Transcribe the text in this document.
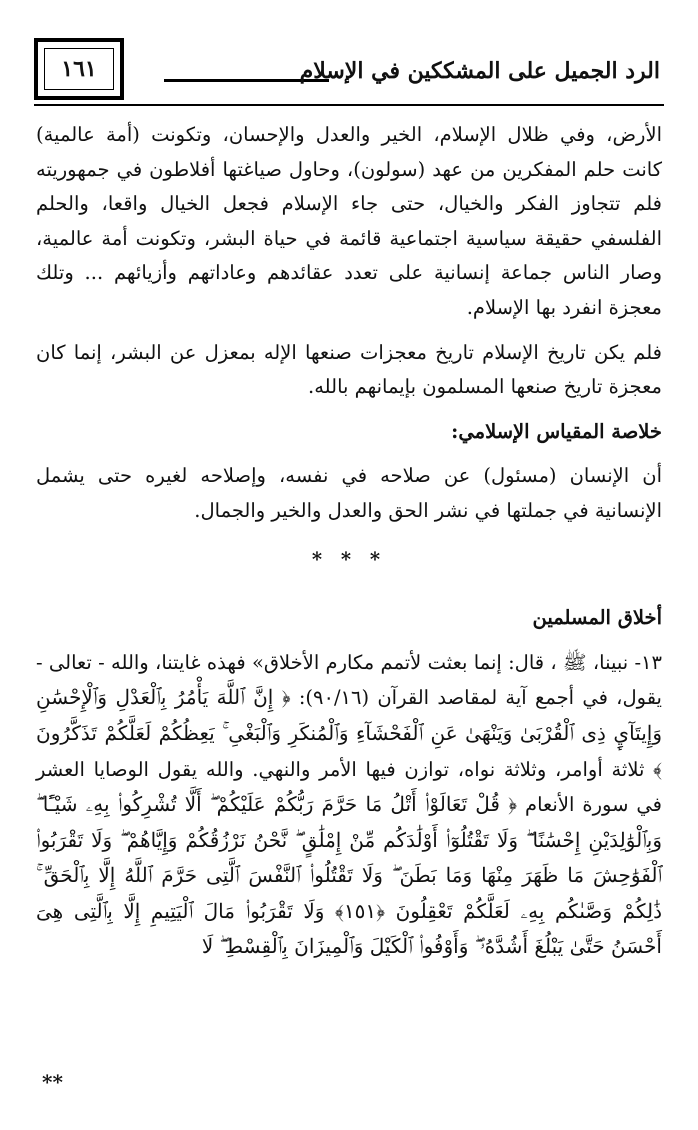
١٦١	الرد الجميل على المشككين في الإسلام

الأرض، وفي ظلال الإسلام، الخير والعدل والإحسان، وتكونت (أمة عالمية) كانت حلم المفكرين من عهد (سولون)، وحاول صياغتها أفلاطون في جمهوريته فلم تتجاوز الفكر والخيال، حتى جاء الإسلام فجعل الخيال واقعا، والحلم الفلسفي حقيقة سياسية اجتماعية قائمة في حياة البشر، وتكونت أمة عالمية، وصار الناس جماعة إنسانية على تعدد عقائدهم وعاداتهم وأزيائهم ... وتلك معجزة انفرد بها الإسلام.

فلم يكن تاريخ الإسلام تاريخ معجزات صنعها الإله بمعزل عن البشر، إنما كان معجزة تاريخ صنعها المسلمون بإيمانهم بالله.

خلاصة المقياس الإسلامي:

أن الإنسان (مسئول) عن صلاحه في نفسه، وإصلاحه لغيره حتى يشمل الإنسانية في جملتها في نشر الحق والعدل والخير والجمال.

* * *
أخلاق المسلمين

١٣- نبينا، ﷺ ، قال: إنما بعثت لأتمم مكارم الأخلاق» فهذه غايتنا، والله - تعالى - يقول، في أجمع آية لمقاصد القرآن (٩٠/١٦): ﴿ إِنَّ ٱللَّهَ يَأْمُرُ بِٱلْعَدْلِ وَٱلْإِحْسَٰنِ وَإِيتَآيِٕ ذِى ٱلْقُرْبَىٰ وَيَنْهَىٰ عَنِ ٱلْفَحْشَآءِ وَٱلْمُنكَرِ وَٱلْبَغْىِ ۚ يَعِظُكُمْ لَعَلَّكُمْ تَذَكَّرُونَ ﴾ ثلاثة أوامر، وثلاثة نواه، توازن فيها الأمر والنهي. والله يقول الوصايا العشر في سورة الأنعام ﴿ قُلْ تَعَالَوْا۟ أَتْلُ مَا حَرَّمَ رَبُّكُمْ عَلَيْكُمْ ۖ أَلَّا تُشْرِكُوا۟ بِهِۦ شَيْـًٔا ۖ وَبِٱلْوَٰلِدَيْنِ إِحْسَٰنًا ۖ وَلَا تَقْتُلُوٓا۟ أَوْلَٰدَكُم مِّنْ إِمْلَٰقٍ ۖ نَّحْنُ نَرْزُقُكُمْ وَإِيَّاهُمْ ۖ وَلَا تَقْرَبُوا۟ ٱلْفَوَٰحِشَ مَا ظَهَرَ مِنْهَا وَمَا بَطَنَ ۖ وَلَا تَقْتُلُوا۟ ٱلنَّفْسَ ٱلَّتِى حَرَّمَ ٱللَّهُ إِلَّا بِٱلْحَقِّ ۚ ذَٰلِكُمْ وَصَّىٰكُم بِهِۦ لَعَلَّكُمْ تَعْقِلُونَ ﴿١٥١﴾ وَلَا تَقْرَبُوا۟ مَالَ ٱلْيَتِيمِ إِلَّا بِٱلَّتِى هِىَ أَحْسَنُ حَتَّىٰ يَبْلُغَ أَشُدَّهُۥ ۖ وَأَوْفُوا۟ ٱلْكَيْلَ وَٱلْمِيزَانَ بِٱلْقِسْطِ ۖ لَا

**
